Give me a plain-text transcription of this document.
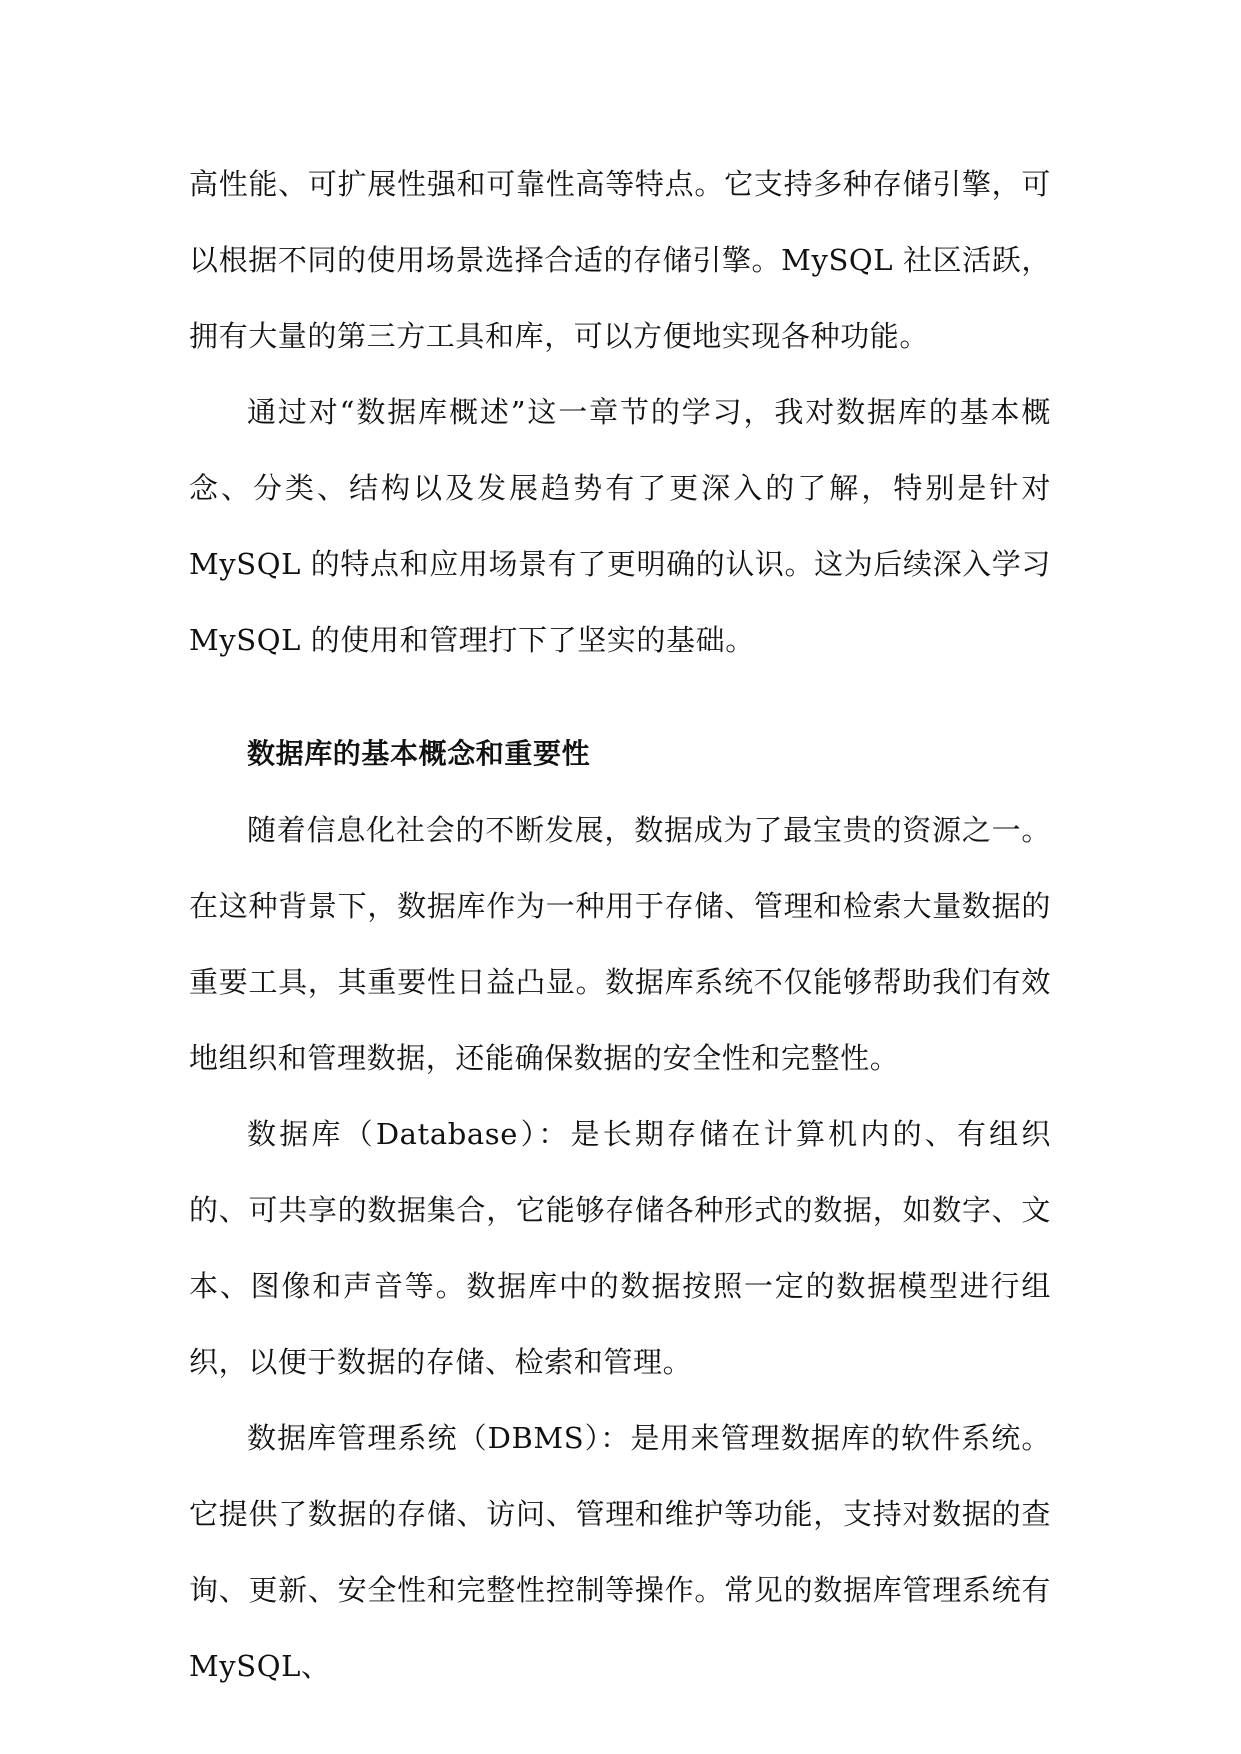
高性能、可扩展性强和可靠性高等特点。它支持多种存储引擎，可以根据不同的使用场景选择合适的存储引擎。MySQL 社区活跃，拥有大量的第三方工具和库，可以方便地实现各种功能。

通过对“数据库概述”这一章节的学习，我对数据库的基本概念、分类、结构以及发展趋势有了更深入的了解，特别是针对 MySQL 的特点和应用场景有了更明确的认识。这为后续深入学习 MySQL 的使用和管理打下了坚实的基础。

数据库的基本概念和重要性

随着信息化社会的不断发展，数据成为了最宝贵的资源之一。在这种背景下，数据库作为一种用于存储、管理和检索大量数据的重要工具，其重要性日益凸显。数据库系统不仅能够帮助我们有效地组织和管理数据，还能确保数据的安全性和完整性。

数据库（Database）：是长期存储在计算机内的、有组织的、可共享的数据集合，它能够存储各种形式的数据，如数字、文本、图像和声音等。数据库中的数据按照一定的数据模型进行组织，以便于数据的存储、检索和管理。

数据库管理系统（DBMS）：是用来管理数据库的软件系统。它提供了数据的存储、访问、管理和维护等功能，支持对数据的查询、更新、安全性和完整性控制等操作。常见的数据库管理系统有 MySQL、
